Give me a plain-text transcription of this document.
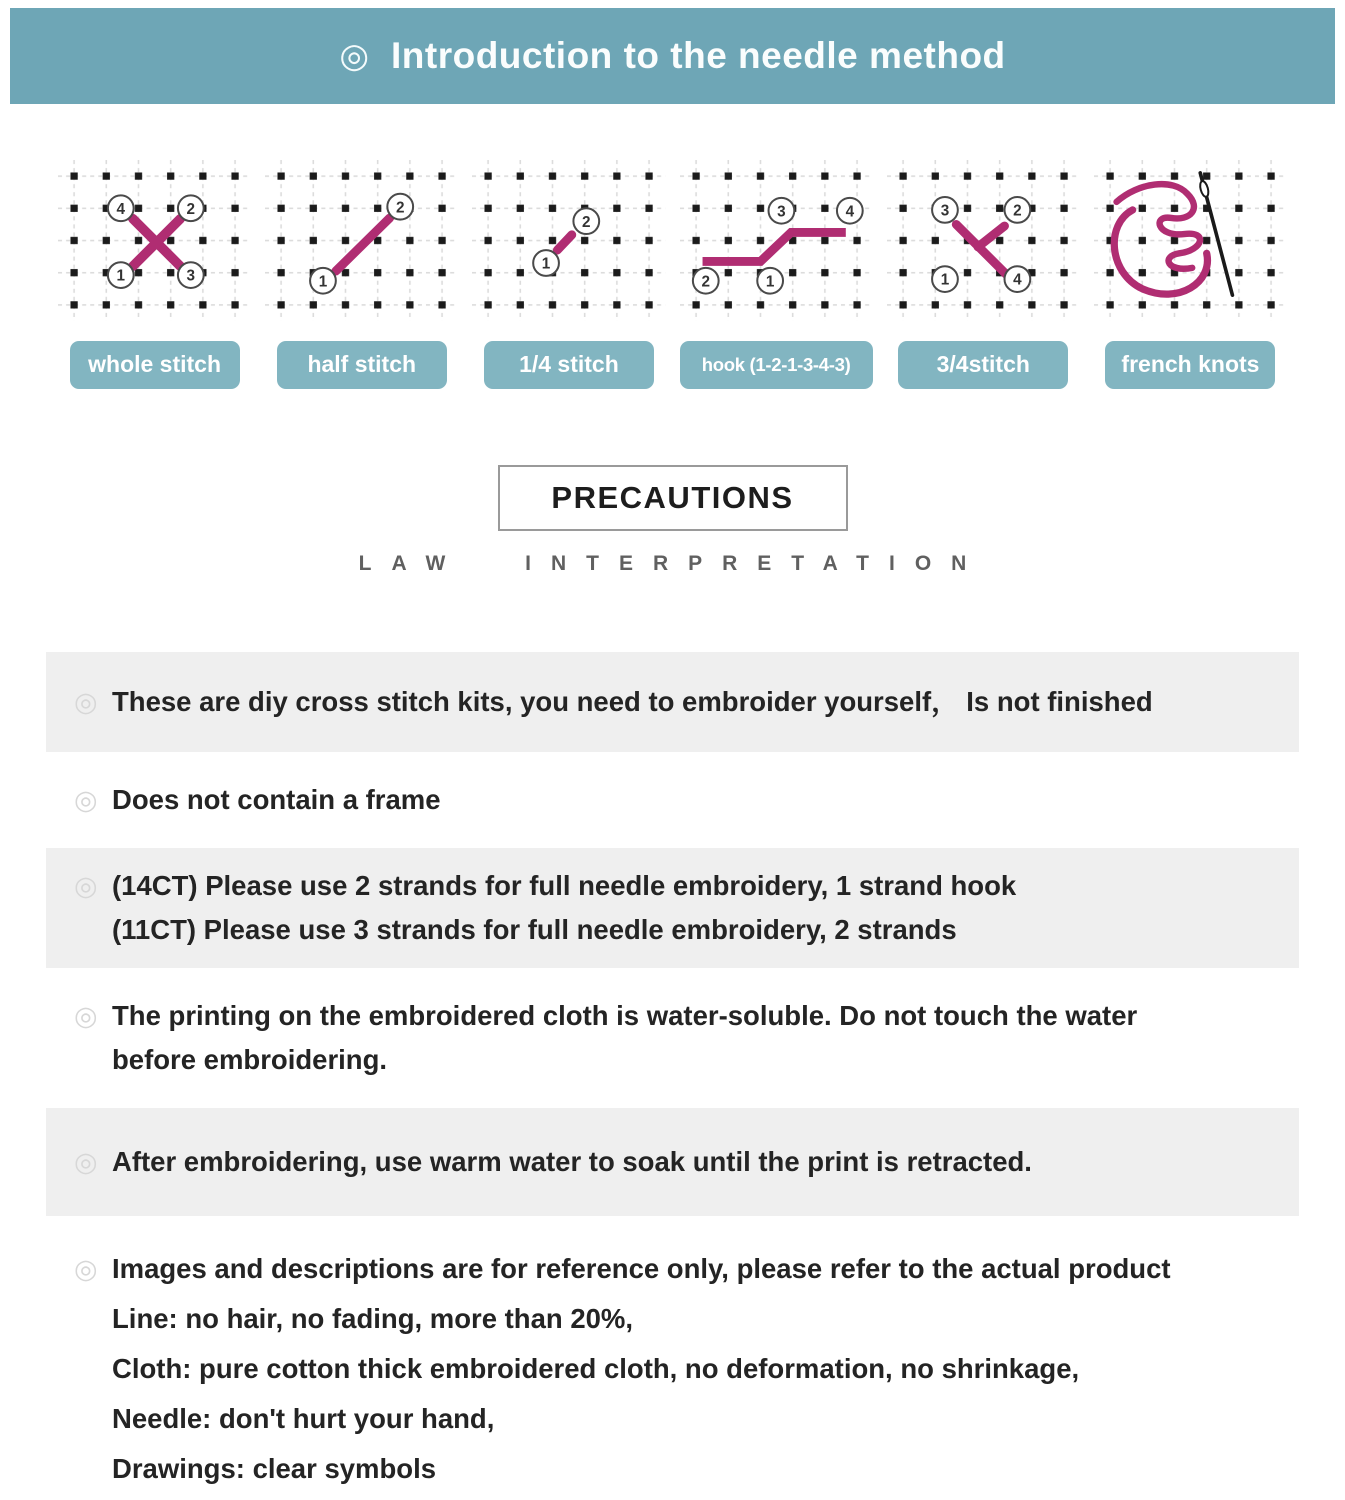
◎ Introduction to the needle method
4	2
1	3
whole stitch
1
2
half stitch
1
2
1/4 stitch
2	1
3	4
hook (1-2-1-3-4-3)
3	2
1	4
3/4stitch	french knots
PRECAUTIONS
LAW INTERPRETATION
◎ These are diy cross stitch kits, you need to embroider yourself， Is not finished
◎ Does not contain a frame
◎ (14CT) Please use 2 strands for full needle embroidery, 1 strand hook
(11CT) Please use 3 strands for full needle embroidery, 2 strands
◎ The printing on the embroidered cloth is water-soluble. Do not touch the water
before embroidering.
◎ After embroidering, use warm water to soak until the print is retracted.
◎ Images and descriptions are for reference only, please refer to the actual product
Line: no hair, no fading, more than 20%,
Cloth: pure cotton thick embroidered cloth, no deformation, no shrinkage,
Needle: don't hurt your hand,
Drawings: clear symbols
